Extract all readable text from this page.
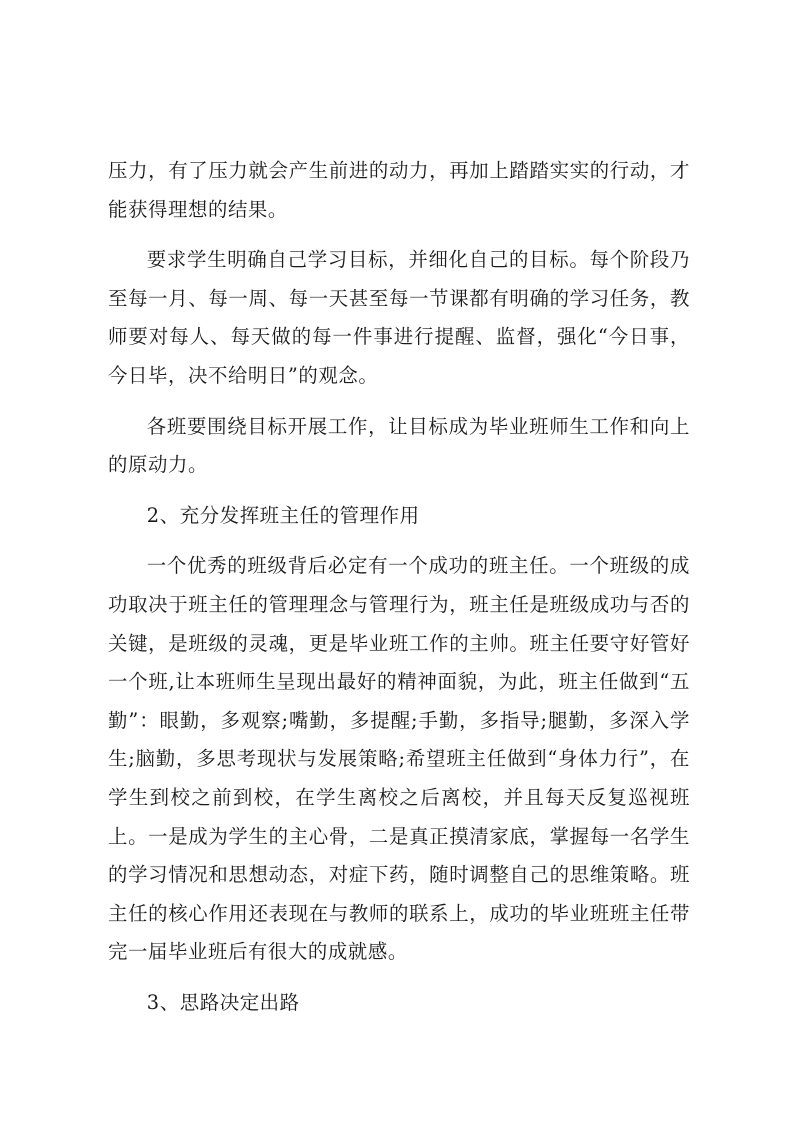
压力，有了压力就会产生前进的动力，再加上踏踏实实的行动，才能获得理想的结果。

要求学生明确自己学习目标，并细化自己的目标。每个阶段乃至每一月、每一周、每一天甚至每一节课都有明确的学习任务，教师要对每人、每天做的每一件事进行提醒、监督，强化“今日事，今日毕，决不给明日”的观念。

各班要围绕目标开展工作，让目标成为毕业班师生工作和向上的原动力。

2、充分发挥班主任的管理作用

一个优秀的班级背后必定有一个成功的班主任。一个班级的成功取决于班主任的管理理念与管理行为，班主任是班级成功与否的关键，是班级的灵魂，更是毕业班工作的主帅。班主任要守好管好一个班,让本班师生呈现出最好的精神面貌，为此，班主任做到“五勤”：眼勤，多观察;嘴勤，多提醒;手勤，多指导;腿勤，多深入学生;脑勤，多思考现状与发展策略;希望班主任做到“身体力行”，在学生到校之前到校，在学生离校之后离校，并且每天反复巡视班上。一是成为学生的主心骨，二是真正摸清家底，掌握每一名学生的学习情况和思想动态，对症下药，随时调整自己的思维策略。班主任的核心作用还表现在与教师的联系上，成功的毕业班班主任带完一届毕业班后有很大的成就感。

3、思路决定出路
